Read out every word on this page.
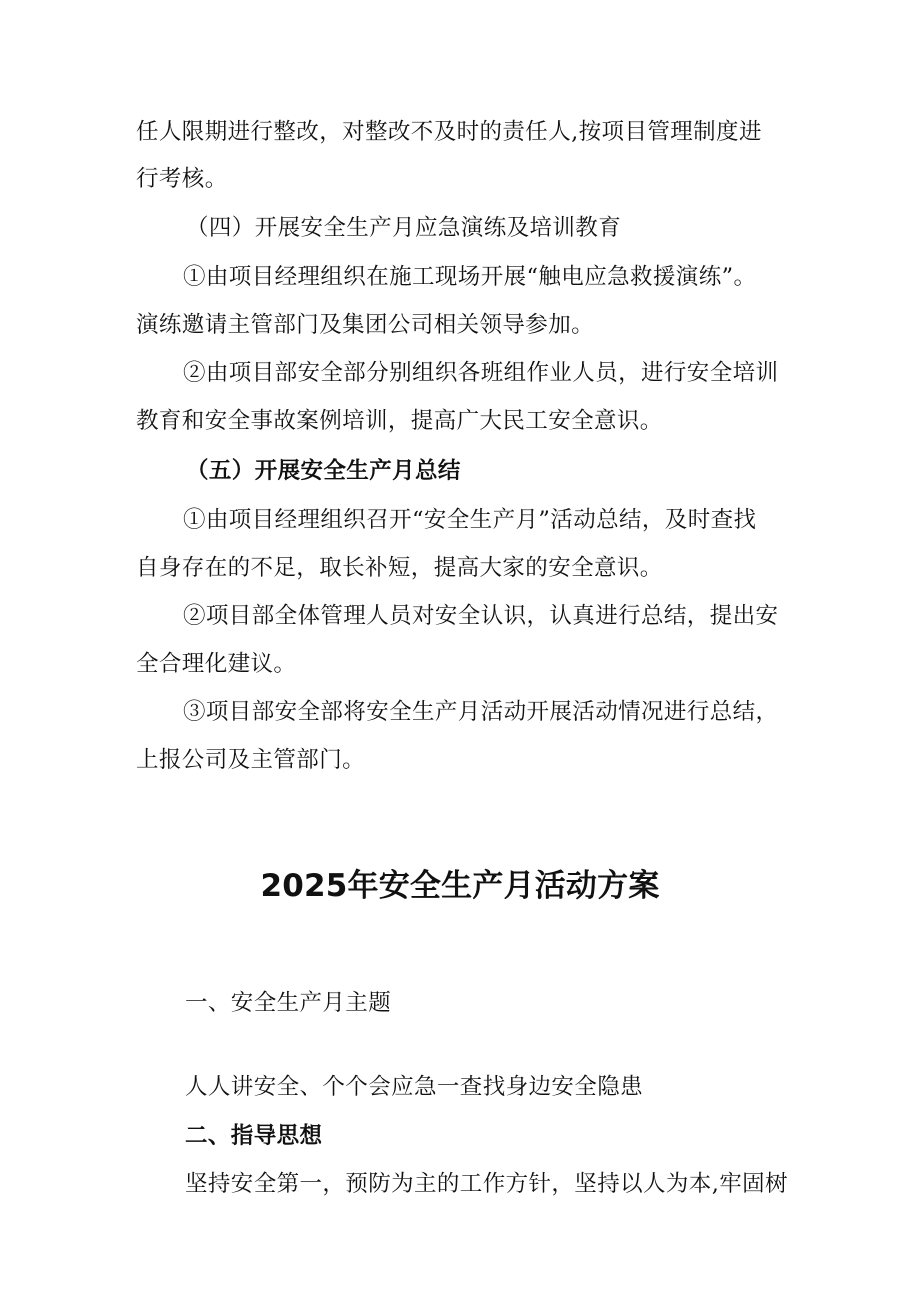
任人限期进行整改，对整改不及时的责任人,按项目管理制度进

行考核。

（四）开展安全生产月应急演练及培训教育

①由项目经理组织在施工现场开展“触电应急救援演练”。

演练邀请主管部门及集团公司相关领导参加。

②由项目部安全部分别组织各班组作业人员，进行安全培训

教育和安全事故案例培训，提高广大民工安全意识。

（五）开展安全生产月总结

①由项目经理组织召开“安全生产月”活动总结，及时查找

自身存在的不足，取长补短，提高大家的安全意识。

②项目部全体管理人员对安全认识，认真进行总结，提出安

全合理化建议。

③项目部安全部将安全生产月活动开展活动情况进行总结，

上报公司及主管部门。

2025年安全生产月活动方案

一、安全生产月主题

人人讲安全、个个会应急一查找身边安全隐患

二、指导思想

坚持安全第一，预防为主的工作方针，坚持以人为本,牢固树
